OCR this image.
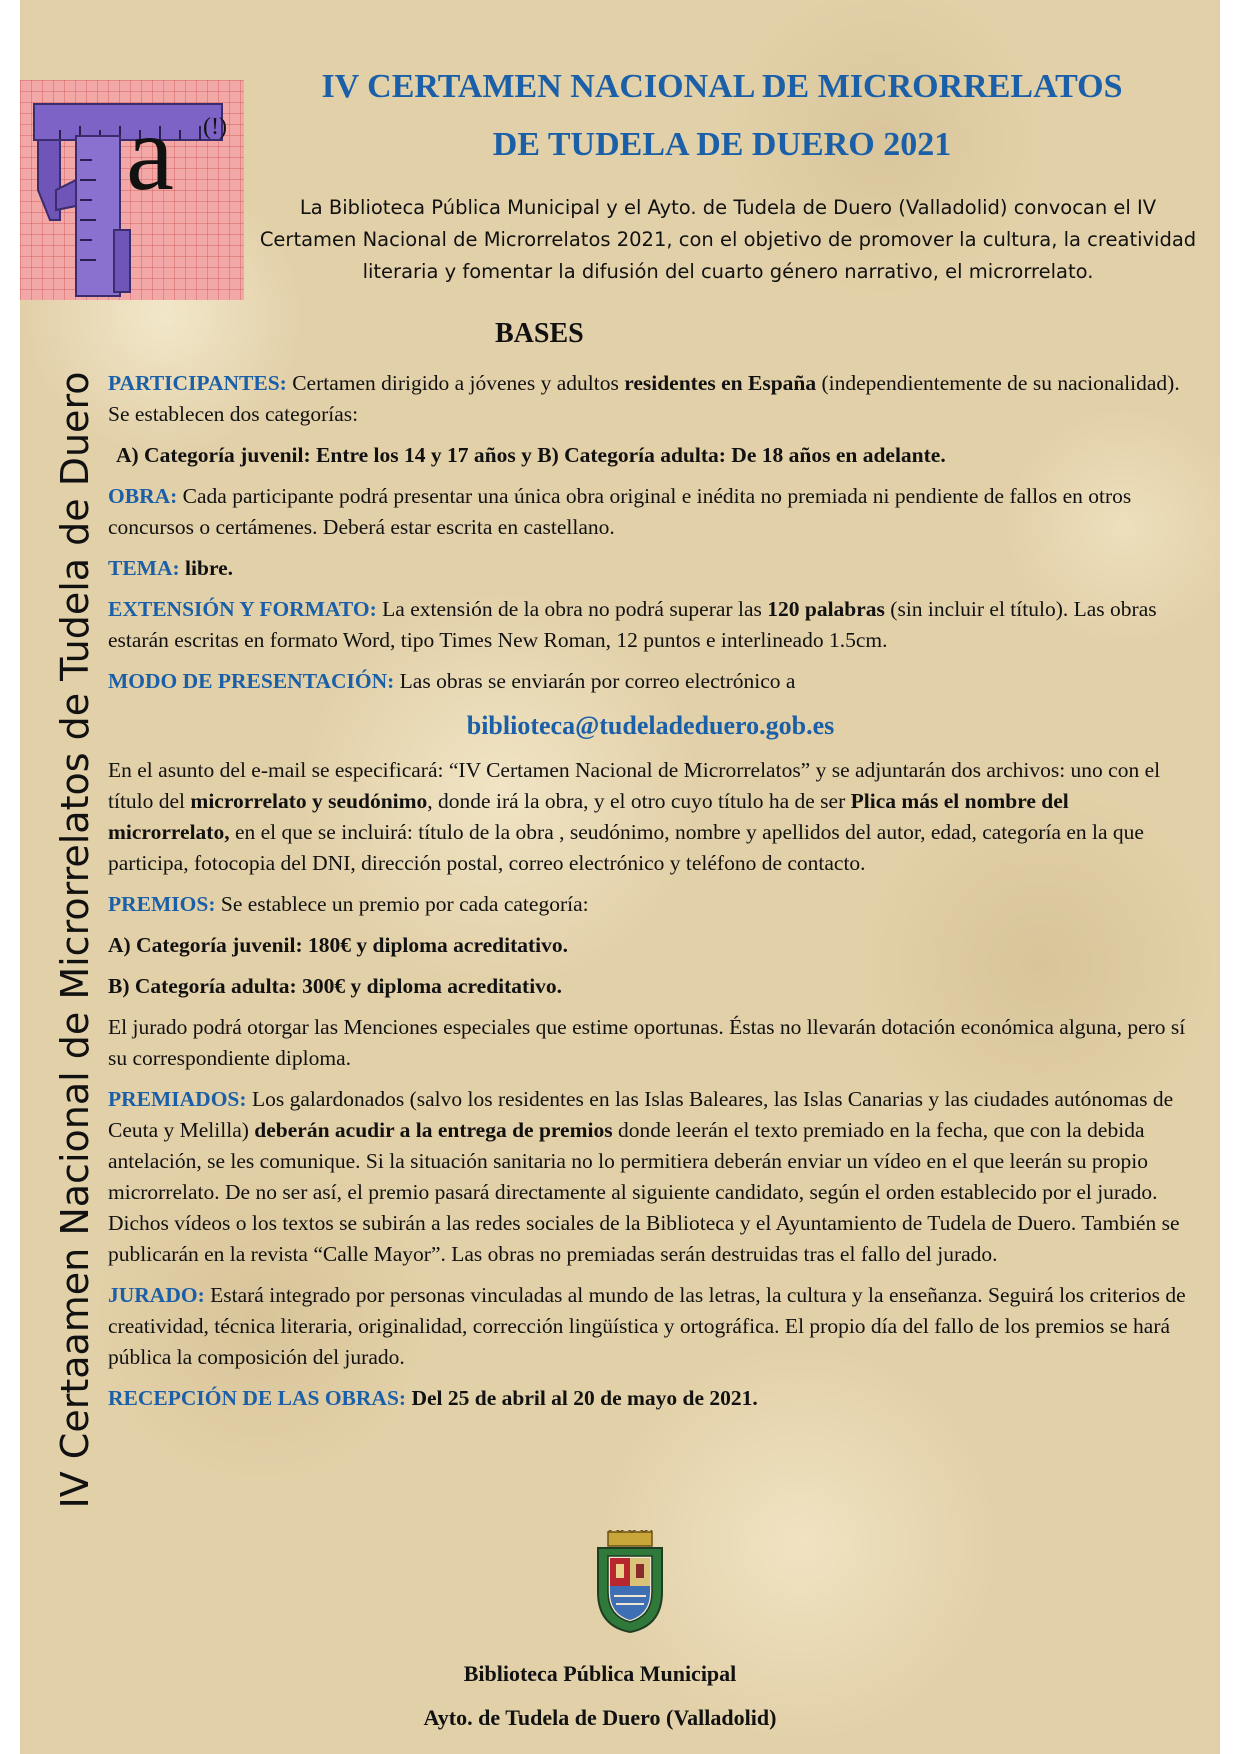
a (!)
IV CERTAMEN NACIONAL DE MICRORRELATOS
DE TUDELA DE DUERO 2021

La Biblioteca Pública Municipal y el Ayto. de Tudela de Duero (Valladolid) convocan el IV Certamen Nacional de Microrrelatos 2021, con el objetivo de promover la cultura, la creatividad literaria y fomentar la difusión del cuarto género narrativo, el microrrelato.

IV Certaamen Nacional de Microrrelatos de Tudela de Duero
BASES

PARTICIPANTES: Certamen dirigido a jóvenes y adultos residentes en España (independientemente de su nacionalidad). Se establecen dos categorías:

A) Categoría juvenil: Entre los 14 y 17 años y B) Categoría adulta: De 18 años en adelante.

OBRA: Cada participante podrá presentar una única obra original e inédita no premiada ni pendiente de fallos en otros concursos o certámenes. Deberá estar escrita en castellano.

TEMA: libre.

EXTENSIÓN Y FORMATO: La extensión de la obra no podrá superar las 120 palabras (sin incluir el título). Las obras estarán escritas en formato Word, tipo Times New Roman, 12 puntos e interlineado 1.5cm.

MODO DE PRESENTACIÓN: Las obras se enviarán por correo electrónico a

biblioteca@tudeladeduero.gob.es

En el asunto del e-mail se especificará: “IV Certamen Nacional de Microrrelatos” y se adjuntarán dos archivos: uno con el título del microrrelato y seudónimo, donde irá la obra, y el otro cuyo título ha de ser Plica más el nombre del microrrelato, en el que se incluirá: título de la obra , seudónimo, nombre y apellidos del autor, edad, categoría en la que participa, fotocopia del DNI, dirección postal, correo electrónico y teléfono de contacto.

PREMIOS: Se establece un premio por cada categoría:

A) Categoría juvenil: 180€ y diploma acreditativo.

B) Categoría adulta: 300€ y diploma acreditativo.

El jurado podrá otorgar las Menciones especiales que estime oportunas. Éstas no llevarán dotación económica alguna, pero sí su correspondiente diploma.

PREMIADOS: Los galardonados (salvo los residentes en las Islas Baleares, las Islas Canarias y las ciudades autónomas de Ceuta y Melilla) deberán acudir a la entrega de premios donde leerán el texto premiado en la fecha, que con la debida antelación, se les comunique. Si la situación sanitaria no lo permitiera deberán enviar un vídeo en el que leerán su propio microrrelato. De no ser así, el premio pasará directamente al siguiente candidato, según el orden establecido por el jurado. Dichos vídeos o los textos se subirán a las redes sociales de la Biblioteca y el Ayuntamiento de Tudela de Duero. También se publicarán en la revista “Calle Mayor”. Las obras no premiadas serán destruidas tras el fallo del jurado.

JURADO: Estará integrado por personas vinculadas al mundo de las letras, la cultura y la enseñanza. Seguirá los criterios de creatividad, técnica literaria, originalidad, corrección lingüística y ortográfica. El propio día del fallo de los premios se hará pública la composición del jurado.

RECEPCIÓN DE LAS OBRAS: Del 25 de abril al 20 de mayo de 2021.

Biblioteca Pública Municipal
Ayto. de Tudela de Duero (Valladolid)
